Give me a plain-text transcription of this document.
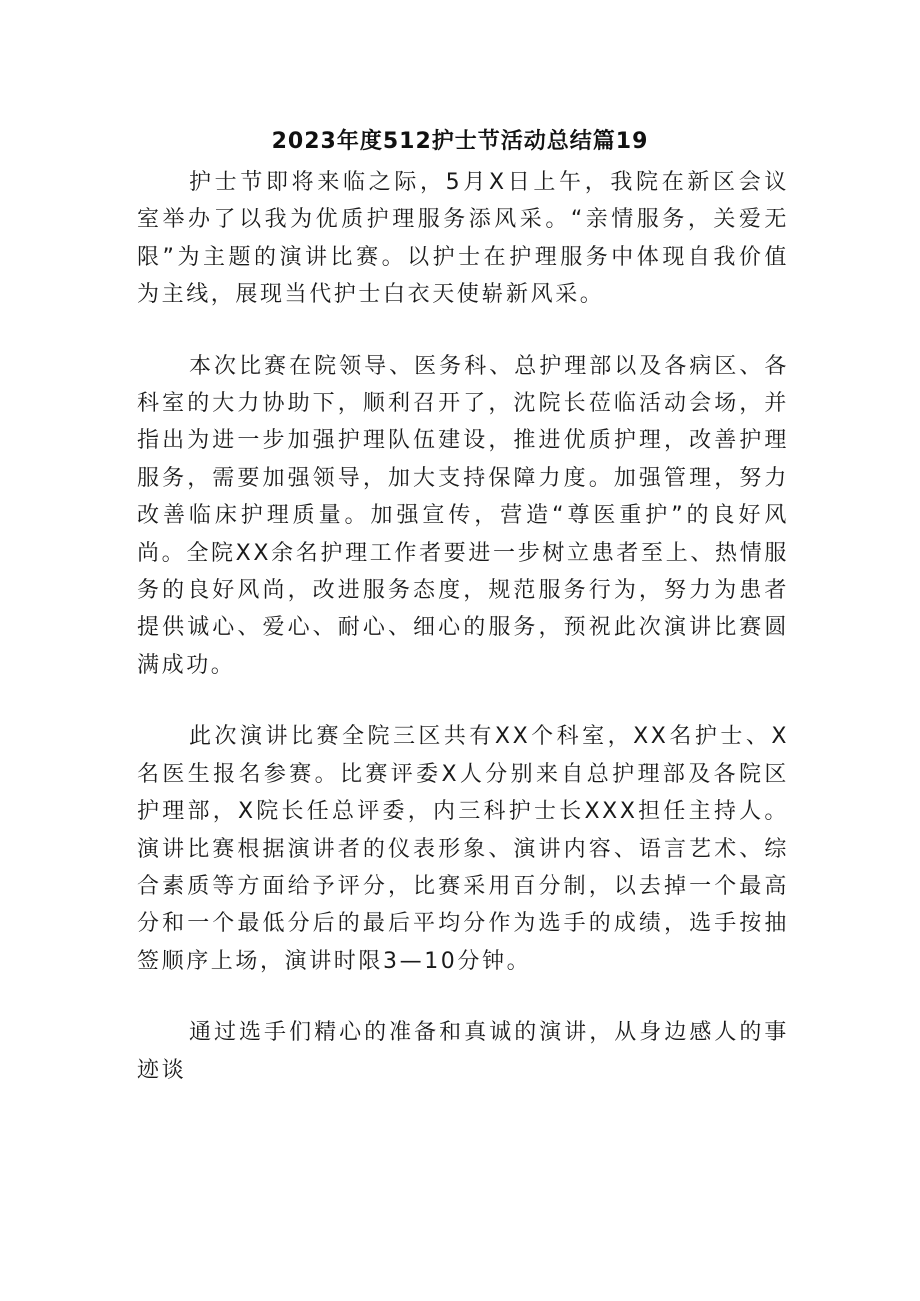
2023年度512护士节活动总结篇19

护士节即将来临之际，5月X日上午，我院在新区会议室举办了以我为优质护理服务添风采。“亲情服务，关爱无限”为主题的演讲比赛。以护士在护理服务中体现自我价值为主线，展现当代护士白衣天使崭新风采。

本次比赛在院领导、医务科、总护理部以及各病区、各科室的大力协助下，顺利召开了，沈院长莅临活动会场，并指出为进一步加强护理队伍建设，推进优质护理，改善护理服务，需要加强领导，加大支持保障力度。加强管理，努力改善临床护理质量。加强宣传，营造“尊医重护”的良好风尚。全院XX余名护理工作者要进一步树立患者至上、热情服务的良好风尚，改进服务态度，规范服务行为，努力为患者提供诚心、爱心、耐心、细心的服务，预祝此次演讲比赛圆满成功。

此次演讲比赛全院三区共有XX个科室，XX名护士、X名医生报名参赛。比赛评委X人分别来自总护理部及各院区护理部，X院长任总评委，内三科护士长XXX担任主持人。演讲比赛根据演讲者的仪表形象、演讲内容、语言艺术、综合素质等方面给予评分，比赛采用百分制，以去掉一个最高分和一个最低分后的最后平均分作为选手的成绩，选手按抽签顺序上场，演讲时限3—10分钟。

通过选手们精心的准备和真诚的演讲，从身边感人的事迹谈
